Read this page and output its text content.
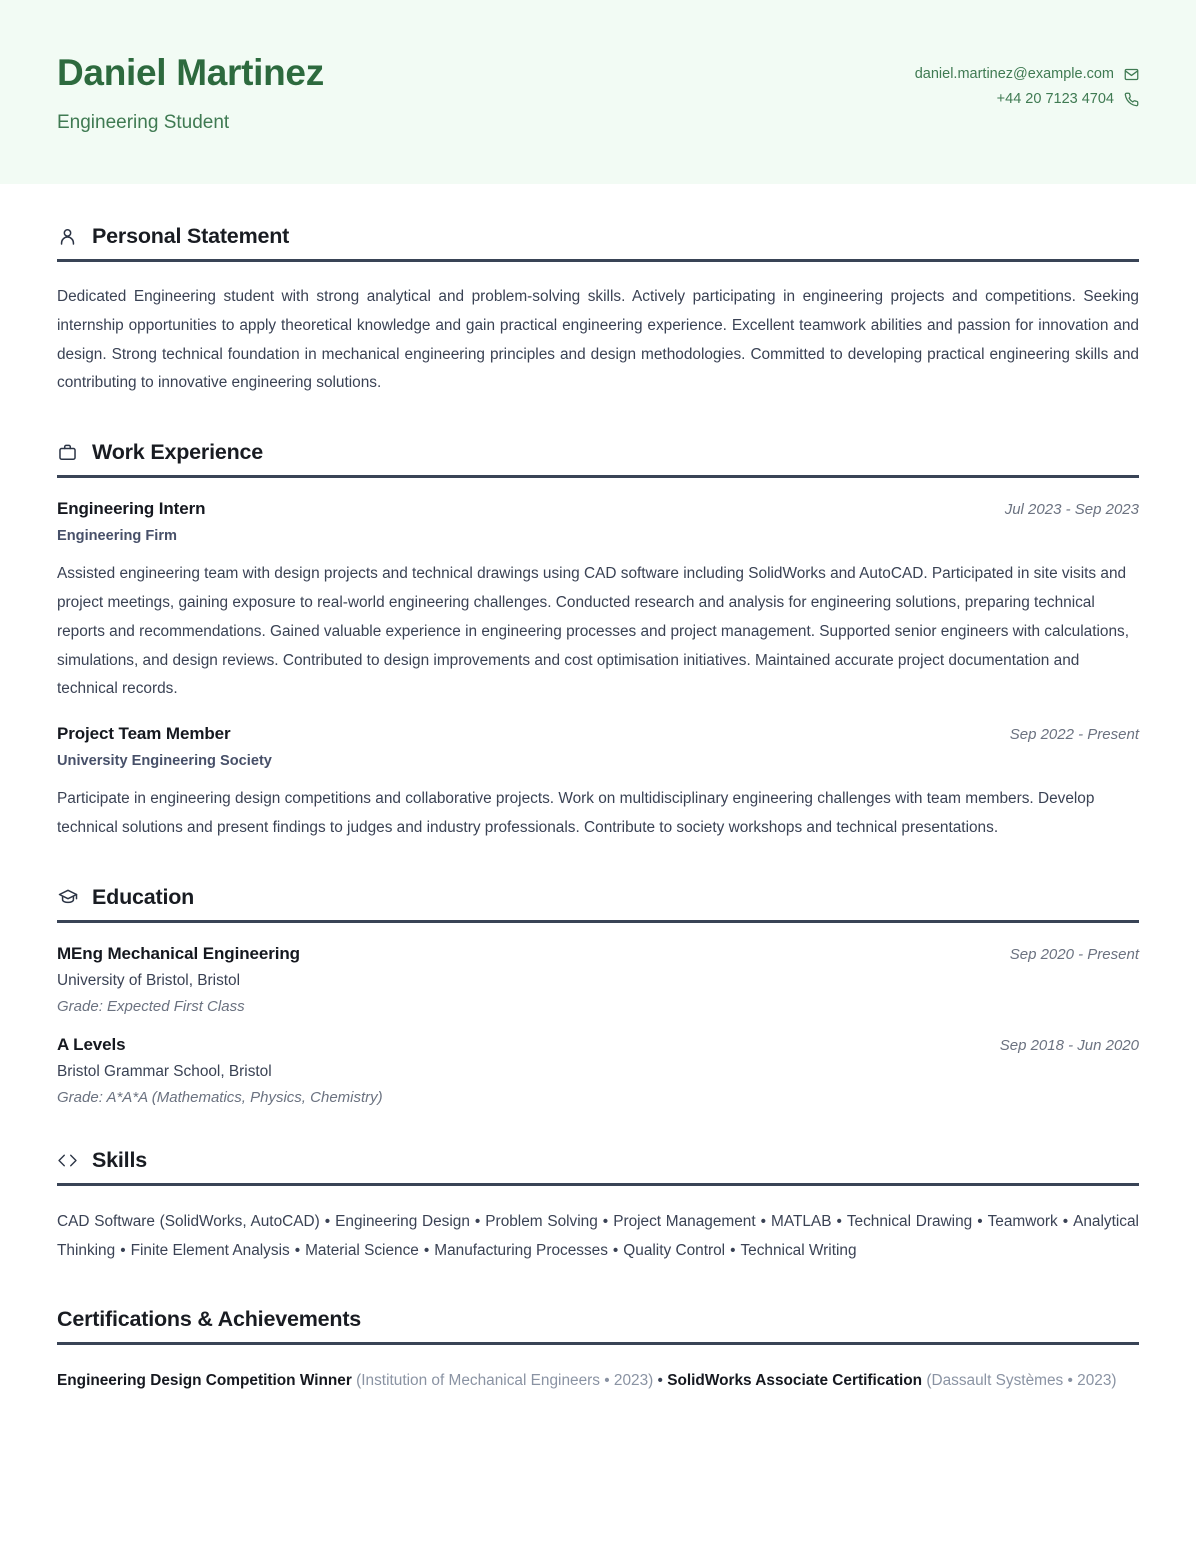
Daniel Martinez
Engineering Student
daniel.martinez@example.com
+44 20 7123 4704
Personal Statement
Dedicated Engineering student with strong analytical and problem-solving skills. Actively participating in engineering projects and competitions. Seeking internship opportunities to apply theoretical knowledge and gain practical engineering experience. Excellent teamwork abilities and passion for innovation and design. Strong technical foundation in mechanical engineering principles and design methodologies. Committed to developing practical engineering skills and contributing to innovative engineering solutions.
Work Experience
Engineering Intern	Jul 2023 - Sep 2023
Engineering Firm
Assisted engineering team with design projects and technical drawings using CAD software including SolidWorks and AutoCAD. Participated in site visits and project meetings, gaining exposure to real-world engineering challenges. Conducted research and analysis for engineering solutions, preparing technical reports and recommendations. Gained valuable experience in engineering processes and project management. Supported senior engineers with calculations, simulations, and design reviews. Contributed to design improvements and cost optimisation initiatives. Maintained accurate project documentation and technical records.
Project Team Member	Sep 2022 - Present
University Engineering Society
Participate in engineering design competitions and collaborative projects. Work on multidisciplinary engineering challenges with team members. Develop technical solutions and present findings to judges and industry professionals. Contribute to society workshops and technical presentations.
Education
MEng Mechanical Engineering	Sep 2020 - Present
University of Bristol, Bristol
Grade: Expected First Class
A Levels	Sep 2018 - Jun 2020
Bristol Grammar School, Bristol
Grade: A*A*A (Mathematics, Physics, Chemistry)
Skills
CAD Software (SolidWorks, AutoCAD) • Engineering Design • Problem Solving • Project Management • MATLAB • Technical Drawing • Teamwork • Analytical Thinking • Finite Element Analysis • Material Science • Manufacturing Processes • Quality Control • Technical Writing
Certifications & Achievements
Engineering Design Competition Winner (Institution of Mechanical Engineers • 2023) • SolidWorks Associate Certification (Dassault Systèmes • 2023)
